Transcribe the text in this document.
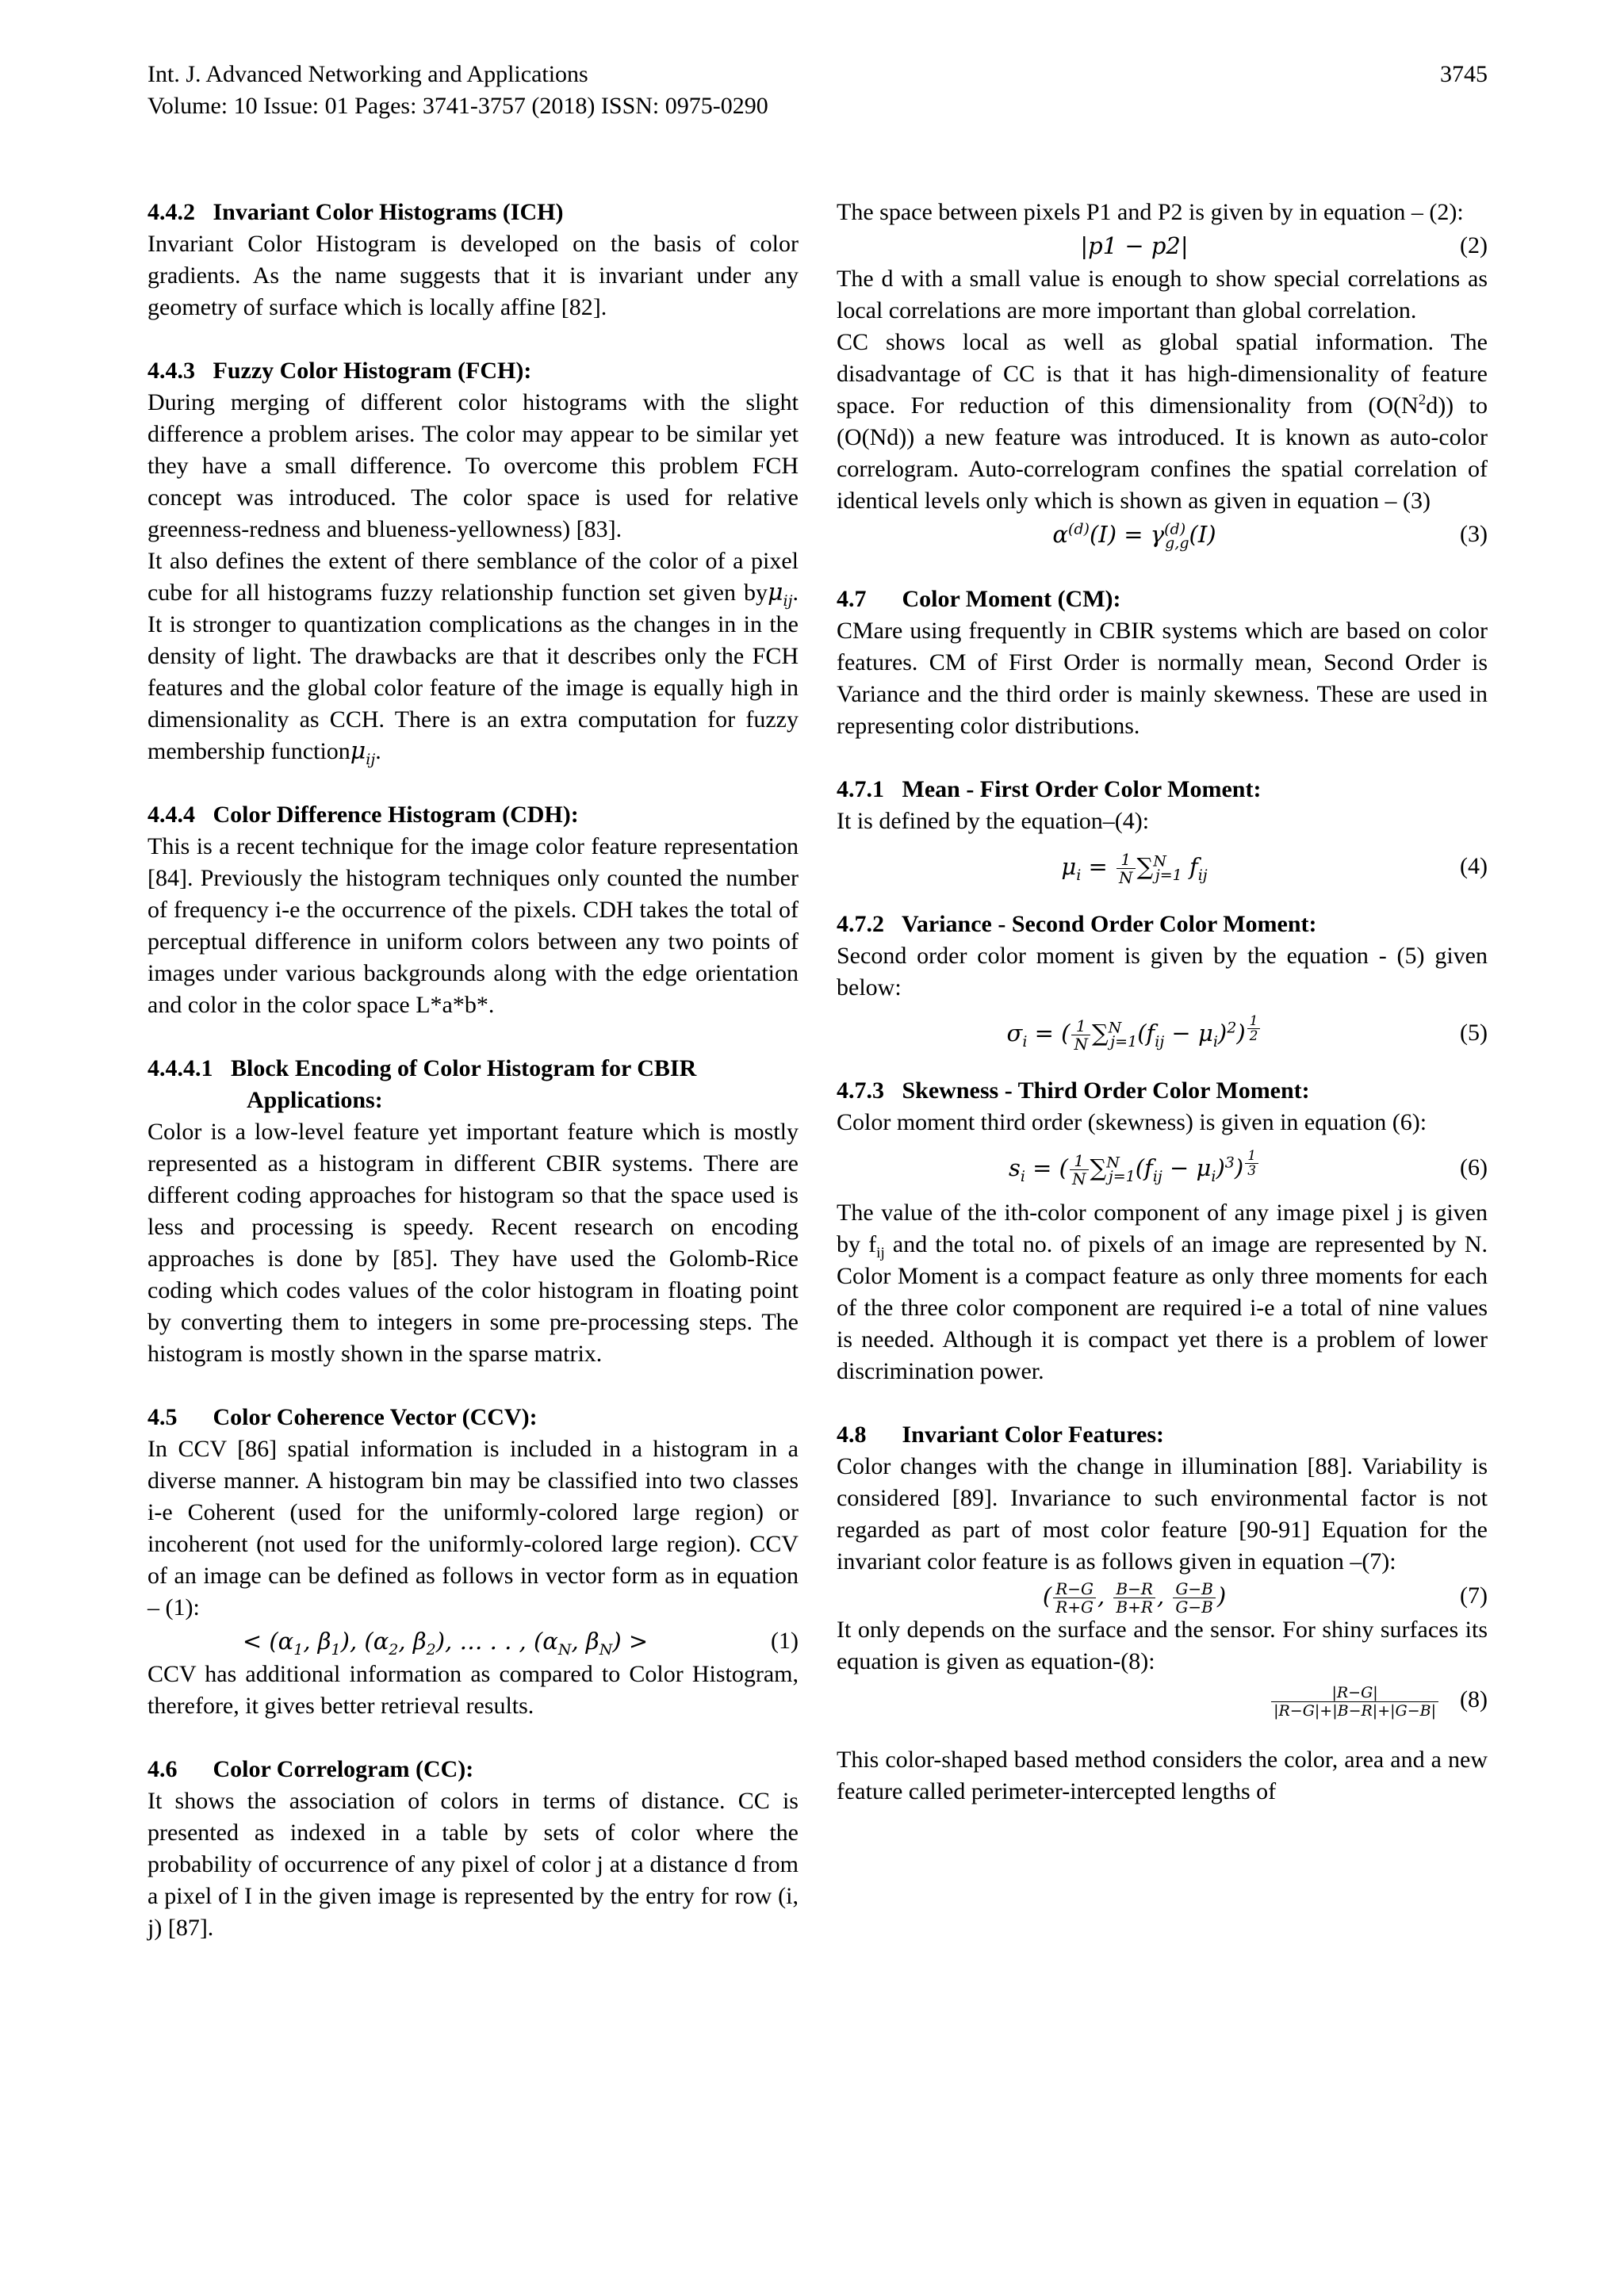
Int. J. Advanced Networking and Applications
Volume: 10 Issue: 01 Pages: 3741-3757 (2018) ISSN: 0975-0290
3745

4.4.2 Invariant Color Histograms (ICH)

Invariant Color Histogram is developed on the basis of color gradients. As the name suggests that it is invariant under any geometry of surface which is locally affine [82].

4.4.3 Fuzzy Color Histogram (FCH):

During merging of different color histograms with the slight difference a problem arises. The color may appear to be similar yet they have a small difference. To overcome this problem FCH concept was introduced. The color space is used for relative greenness-redness and blueness-yellowness) [83].

It also defines the extent of there semblance of the color of a pixel cube for all histograms fuzzy relationship function set given byμ$_{ij}$. It is stronger to quantization complications as the changes in in the density of light. The drawbacks are that it describes only the FCH features and the global color feature of the image is equally high in dimensionality as CCH. There is an extra computation for fuzzy membership functionμ$_{ij}$.

4.4.4 Color Difference Histogram (CDH):

This is a recent technique for the image color feature representation [84]. Previously the histogram techniques only counted the number of frequency i-e the occurrence of the pixels. CDH takes the total of perceptual difference in uniform colors between any two points of images under various backgrounds along with the edge orientation and color in the color space L*a*b*.

4.4.4.1 Block Encoding of Color Histogram for CBIR

Applications:

Color is a low-level feature yet important feature which is mostly represented as a histogram in different CBIR systems. There are different coding approaches for histogram so that the space used is less and processing is speedy. Recent research on encoding approaches is done by [85]. They have used the Golomb-Rice coding which codes values of the color histogram in floating point by converting them to integers in some pre-processing steps. The histogram is mostly shown in the sparse matrix.

4.5 Color Coherence Vector (CCV):

In CCV [86] spatial information is included in a histogram in a diverse manner. A histogram bin may be classified into two classes i-e Coherent (used for the uniformly-colored large region) or incoherent (not used for the uniformly-colored large region). CCV of an image can be defined as follows in vector form as in equation – (1):

< ($\alpha_1$, $\beta_1$), ($\alpha_2$, $\beta_2$), … . . , ($\alpha_N$, $\beta_N$) >	(1)

CCV has additional information as compared to Color Histogram, therefore, it gives better retrieval results.

4.6 Color Correlogram (CC):

It shows the association of colors in terms of distance. CC is presented as indexed in a table by sets of color where the probability of occurrence of any pixel of color j at a distance d from a pixel of I in the given image is represented by the entry for row (i, j) [87].

The space between pixels P1 and P2 is given by in equation – (2):

|p1 − p2|	(2)

The d with a small value is enough to show special correlations as local correlations are more important than global correlation.

CC shows local as well as global spatial information. The disadvantage of CC is that it has high-dimensionality of feature space. For reduction of this dimensionality from $(O(N^2d))$ to (O(Nd)) a new feature was introduced. It is known as auto-color correlogram. Auto-correlogram confines the spatial correlation of identical levels only which is shown as given in equation – (3)

$\alpha^{(d)}(I) = \gamma^{(d)}_{g,g}(I)$	(3)

4.7 Color Moment (CM):

CMare using frequently in CBIR systems which are based on color features. CM of First Order is normally mean, Second Order is Variance and the third order is mainly skewness. These are used in representing color distributions.

4.7.1 Mean - First Order Color Moment:

It is defined by the equation–(4):

$\mu_i = \frac{1}{N} \sum^N_{j=1}$ $f_{ij}$	(4)

4.7.2 Variance - Second Order Color Moment:

Second order color moment is given by the equation - (5) given below:

$\sigma_i$ = ( $\frac{1}{N} \sum^N_{j=1}(f_{ij} - \mu_i)^2$) $^{\frac{1}{2}}$	(5)

4.7.3 Skewness - Third Order Color Moment:

Color moment third order (skewness) is given in equation (6):

$s_i$ = ( $\frac{1}{N} \sum^N_{j=1}(f_{ij} - \mu_i)^3$) $^{\frac{1}{3}}$	(6)

The value of the ith-color component of any image pixel j is given by $f_{ij}$ and the total no. of pixels of an image are represented by N. Color Moment is a compact feature as only three moments for each of the three color component are required i-e a total of nine values is needed. Although it is compact yet there is a problem of lower discrimination power.

4.8 Invariant Color Features:

Color changes with the change in illumination [88]. Variability is considered [89]. Invariance to such environmental factor is not regarded as part of most color feature [90-91] Equation for the invariant color feature is as follows given in equation –(7):

( $\frac{R-G}{R+G}$ , $\frac{B-R}{B+R}$ , $\frac{G-B}{G-B}$ )	(7)

It only depends on the surface and the sensor. For shiny surfaces its equation is given as equation-(8):

$\frac{|R-G|}{|R-G|+|B-R|+|G-B|} (8)$

This color-shaped based method considers the color, area and a new feature called perimeter-intercepted lengths of
